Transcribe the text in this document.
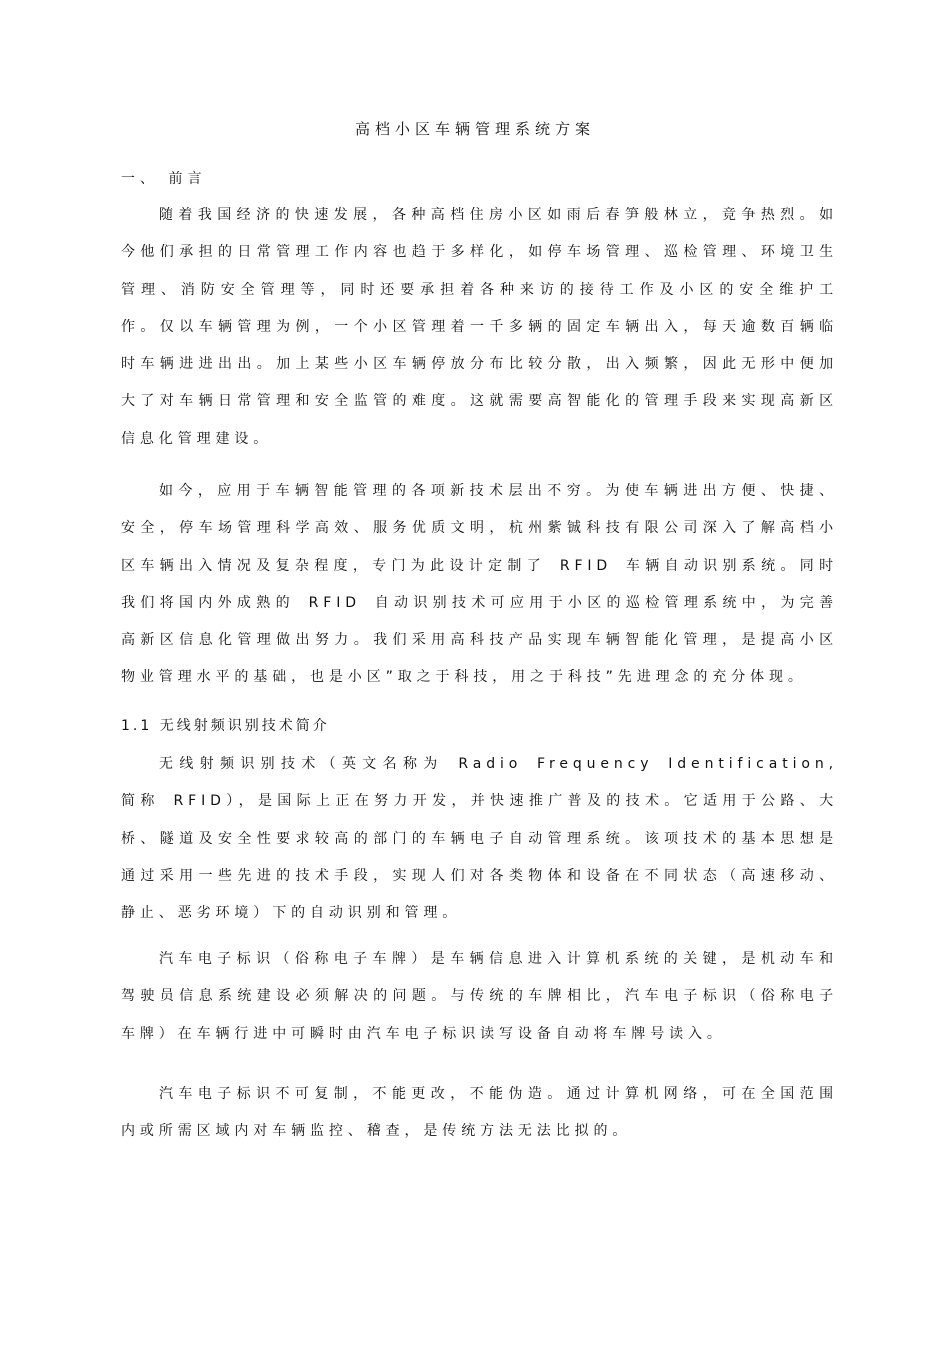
高档小区车辆管理系统方案
一、 前言
随着我国经济的快速发展，各种高档住房小区如雨后春笋般林立，竞争热烈。如今他们承担的日常管理工作内容也趋于多样化，如停车场管理、巡检管理、环境卫生管理、消防安全管理等，同时还要承担着各种来访的接待工作及小区的安全维护工作。仅以车辆管理为例，一个小区管理着一千多辆的固定车辆出入，每天逾数百辆临时车辆进进出出。加上某些小区车辆停放分布比较分散，出入频繁，因此无形中便加大了对车辆日常管理和安全监管的难度。这就需要高智能化的管理手段来实现高新区信息化管理建设。
如今，应用于车辆智能管理的各项新技术层出不穷。为使车辆进出方便、快捷、安全，停车场管理科学高效、服务优质文明，杭州紫铖科技有限公司深入了解高档小区车辆出入情况及复杂程度，专门为此设计定制了 RFID 车辆自动识别系统。同时我们将国内外成熟的 RFID 自动识别技术可应用于小区的巡检管理系统中，为完善高新区信息化管理做出努力。我们采用高科技产品实现车辆智能化管理，是提高小区物业管理水平的基础，也是小区”取之于科技，用之于科技”先进理念的充分体现。
1.1 无线射频识别技术简介
无线射频识别技术（英文名称为 Radio Frequency Identification, 简称 RFID），是国际上正在努力开发，并快速推广普及的技术。它适用于公路、大桥、隧道及安全性要求较高的部门的车辆电子自动管理系统。该项技术的基本思想是通过采用一些先进的技术手段，实现人们对各类物体和设备在不同状态（高速移动、静止、恶劣环境）下的自动识别和管理。
汽车电子标识（俗称电子车牌）是车辆信息进入计算机系统的关键，是机动车和驾驶员信息系统建设必须解决的问题。与传统的车牌相比，汽车电子标识（俗称电子车牌）在车辆行进中可瞬时由汽车电子标识读写设备自动将车牌号读入。
汽车电子标识不可复制，不能更改，不能伪造。通过计算机网络，可在全国范围内或所需区域内对车辆监控、稽查，是传统方法无法比拟的。
